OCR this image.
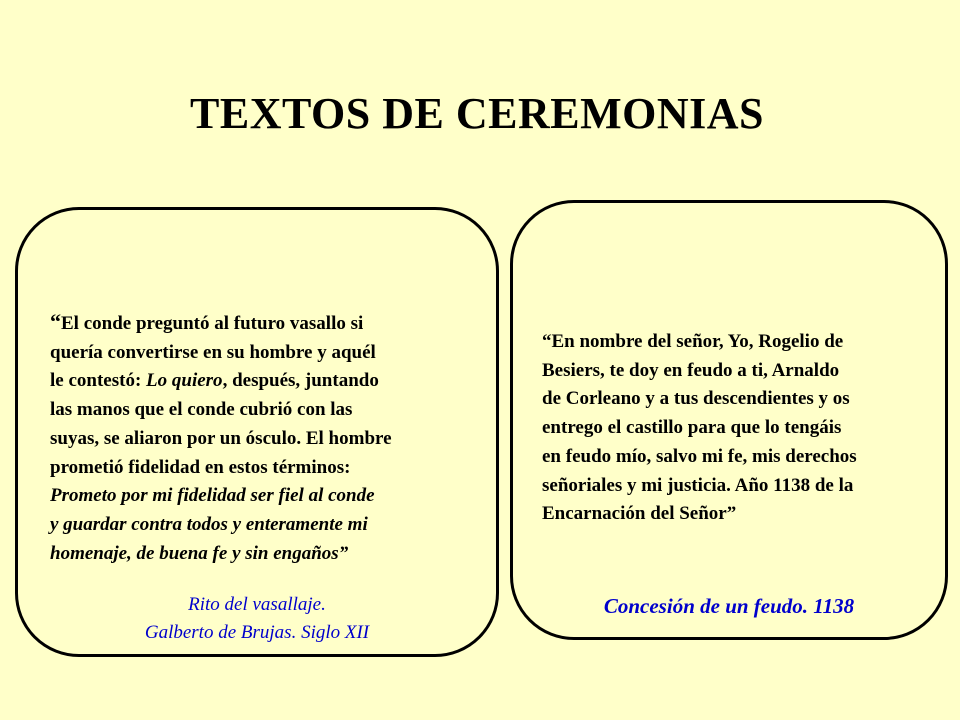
TEXTOS DE CEREMONIAS
“El conde preguntó al futuro vasallo si
quería convertirse en su hombre y aquél
le contestó: Lo quiero, después, juntando
las manos que el conde cubrió con las
suyas, se aliaron por un ósculo. El hombre
prometió fidelidad en estos términos:
Prometo por mi fidelidad ser fiel al conde
y guardar contra todos y enteramente mi
homenaje, de buena fe y sin engaños”
Rito del vasallaje.
Galberto de Brujas. Siglo XII
“En nombre del señor, Yo, Rogelio de
Besiers, te doy en feudo a ti, Arnaldo
de Corleano y a tus descendientes y os
entrego el castillo para que lo tengáis
en feudo mío, salvo mi fe, mis derechos
señoriales y mi justicia. Año 1138 de la
Encarnación del Señor”
Concesión de un feudo. 1138
